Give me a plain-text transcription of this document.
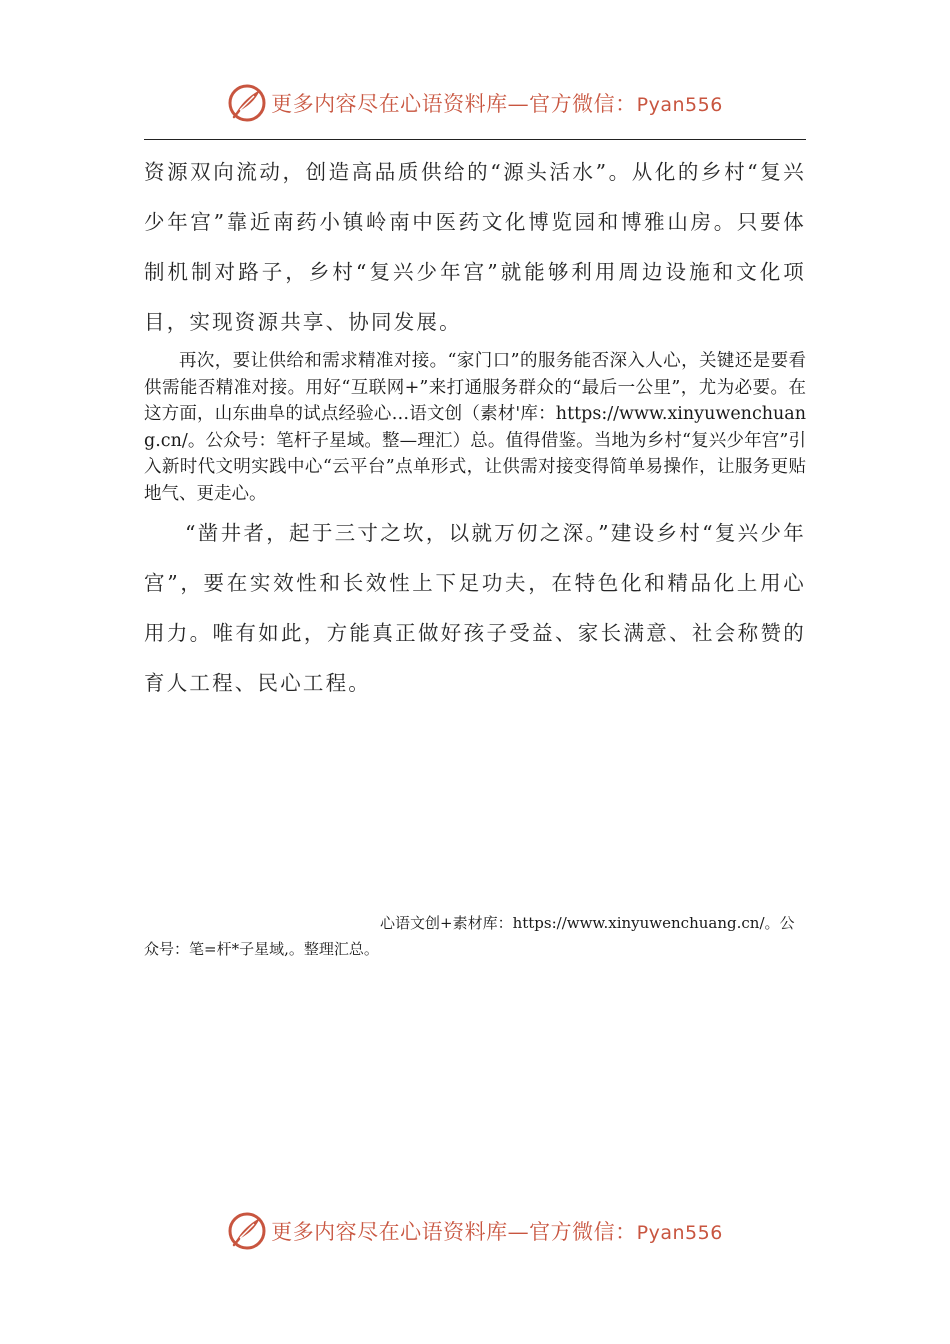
更多内容尽在心语资料库—官方微信：Pyan556

资源双向流动，创造高品质供给的“源头活水”。从化的乡村“复兴少年宫”靠近南药小镇岭南中医药文化博览园和博雅山房。只要体制机制对路子，乡村“复兴少年宫”就能够利用周边设施和文化项目，实现资源共享、协同发展。

再次，要让供给和需求精准对接。“家门口”的服务能否深入人心，关键还是要看供需能否精准对接。用好“互联网+”来打通服务群众的“最后一公里”，尤为必要。在这方面，山东曲阜的试点经验心…语文创（素材'库：https://www.xinyuwenchuang.cn/。公众号：笔杆子星域。整—理汇）总。值得借鉴。当地为乡村“复兴少年宫”引入新时代文明实践中心“云平台”点单形式，让供需对接变得简单易操作，让服务更贴地气、更走心。

“凿井者，起于三寸之坎，以就万仞之深。”建设乡村“复兴少年宫”，要在实效性和长效性上下足功夫，在特色化和精品化上用心用力。唯有如此，方能真正做好孩子受益、家长满意、社会称赞的育人工程、民心工程。

心语文创+素材库：https://www.xinyuwenchuang.cn/。公众号：笔=杆*子星域,。整理汇总。

更多内容尽在心语资料库—官方微信：Pyan556
